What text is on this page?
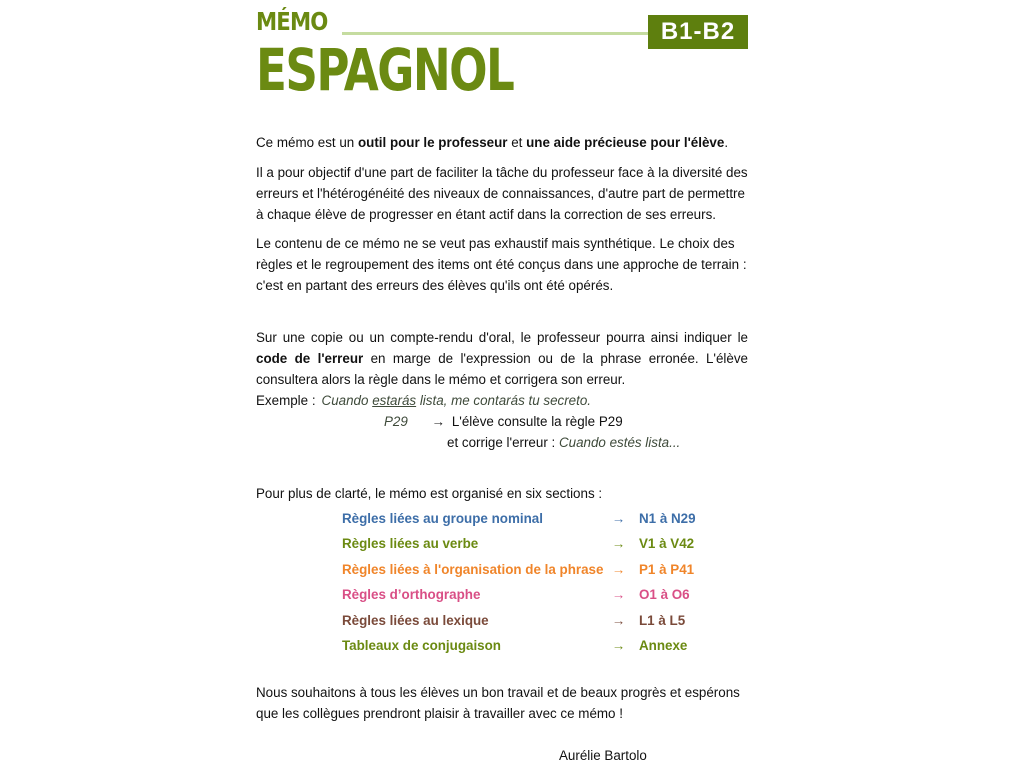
MÉMO	B1-B2
ESPAGNOL

Ce mémo est un outil pour le professeur et une aide précieuse pour l'élève.

Il a pour objectif d'une part de faciliter la tâche du professeur face à la diversité des erreurs et l'hétérogénéité des niveaux de connaissances, d'autre part de permettre à chaque élève de progresser en étant actif dans la correction de ses erreurs.

Le contenu de ce mémo ne se veut pas exhaustif mais synthétique. Le choix des règles et le regroupement des items ont été conçus dans une approche de terrain : c'est en partant des erreurs des élèves qu'ils ont été opérés.

Sur une copie ou un compte-rendu d'oral, le professeur pourra ainsi indiquer le code de l'erreur en marge de l'expression ou de la phrase erronée. L'élève consultera alors la règle dans le mémo et corrigera son erreur.

Exemple : Cuando estarás lista, me contarás tu secreto.
P29 → L'élève consulte la règle P29
et corrige l'erreur : Cuando estés lista...

Pour plus de clarté, le mémo est organisé en six sections :

Règles liées au groupe nominal	→ N1 à N29
Règles liées au verbe	→ V1 à V42
Règles liées à l'organisation de la phrase → P1 à P41
Règles d’orthographe	→ O1 à O6
Règles liées au lexique	→ L1 à L5
Tableaux de conjugaison	→ Annexe

Nous souhaitons à tous les élèves un bon travail et de beaux progrès et espérons que les collègues prendront plaisir à travailler avec ce mémo !

Aurélie Bartolo
